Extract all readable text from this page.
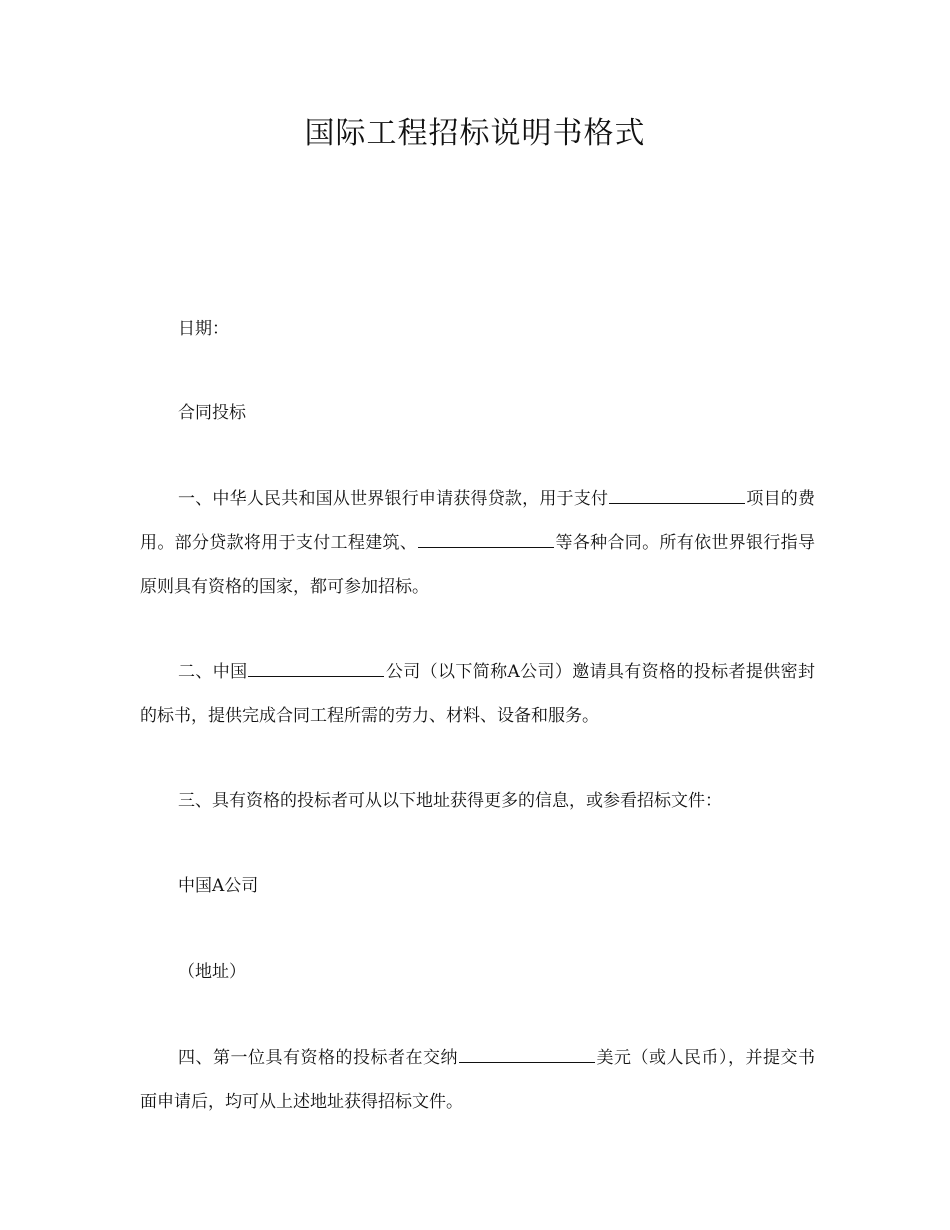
国际工程招标说明书格式
日期：
合同投标
一、中华人民共和国从世界银行申请获得贷款，用于支付	项目的费用。部分贷款将用于支付工程建筑、	等各种合同。所有依世界银行指导原则具有资格的国家，都可参加招标。
二、中国	公司（以下简称A公司）邀请具有资格的投标者提供密封的标书，提供完成合同工程所需的劳力、材料、设备和服务。
三、具有资格的投标者可从以下地址获得更多的信息，或参看招标文件：
中国A公司
（地址）
四、第一位具有资格的投标者在交纳	美元（或人民币），并提交书面申请后，均可从上述地址获得招标文件。
